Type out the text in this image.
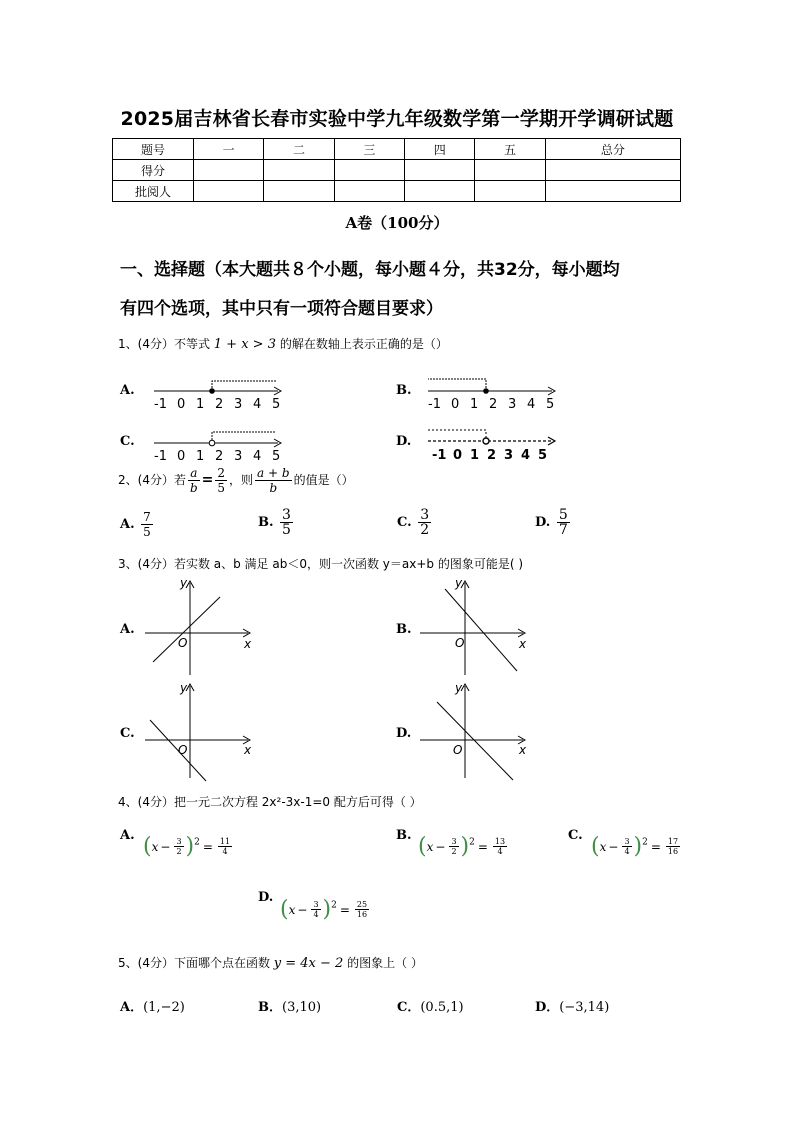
2025届吉林省长春市实验中学九年级数学第一学期开学调研试题
题号	一	二	三	四	五	总分
得分						
批阅人						
A卷（100分）
一、选择题（本大题共８个小题，每小题４分，共32分，每小题均
有四个选项，其中只有一项符合题目要求）
1、(4分）不等式 1 + x > 3 的解在数轴上表示正确的是（）
A.	B.
C.	D.
-1 0 1 2 3 4 5	-1 0 1 2 3 4 5
-1 0 1 2 3 4 5	-1 0 1 2 3 4 5
2、(4分）若 $\frac{a}{b} = \frac{2}{5}$ ，则 $\frac{a + b}{b}$ 的值是（）
A. $\frac{7}{5}$	B. $\frac{3}{5}$	C. $\frac{3}{2}$	D. $\frac{5}{7}$
3、(4分）若实数 a、b 满足 ab＜0，则一次函数 y＝ax+b 的图象可能是( )
A.	B.
C.	D.
y
x
O
y
x
O
y
x
O
y
x
O
4、(4分）把一元二次方程 2x²-3x-1=0 配方后可得（ ）
A.	B.	C.
D.
$(x - \frac{3}{2} )^2 = \frac{11}{4}$	$(x - \frac{3}{2} )^2 = \frac{13}{4}$	$(x - \frac{3}{4} )^2 = \frac{17}{16}$
$(x - \frac{3}{4} )^2 = \frac{25}{16}$
5、(4分）下面哪个点在函数 y = 4x − 2 的图象上（ ）
A．(1,−2)	B．(3,10)	C．(0.5,1)	D．(−3,14)
